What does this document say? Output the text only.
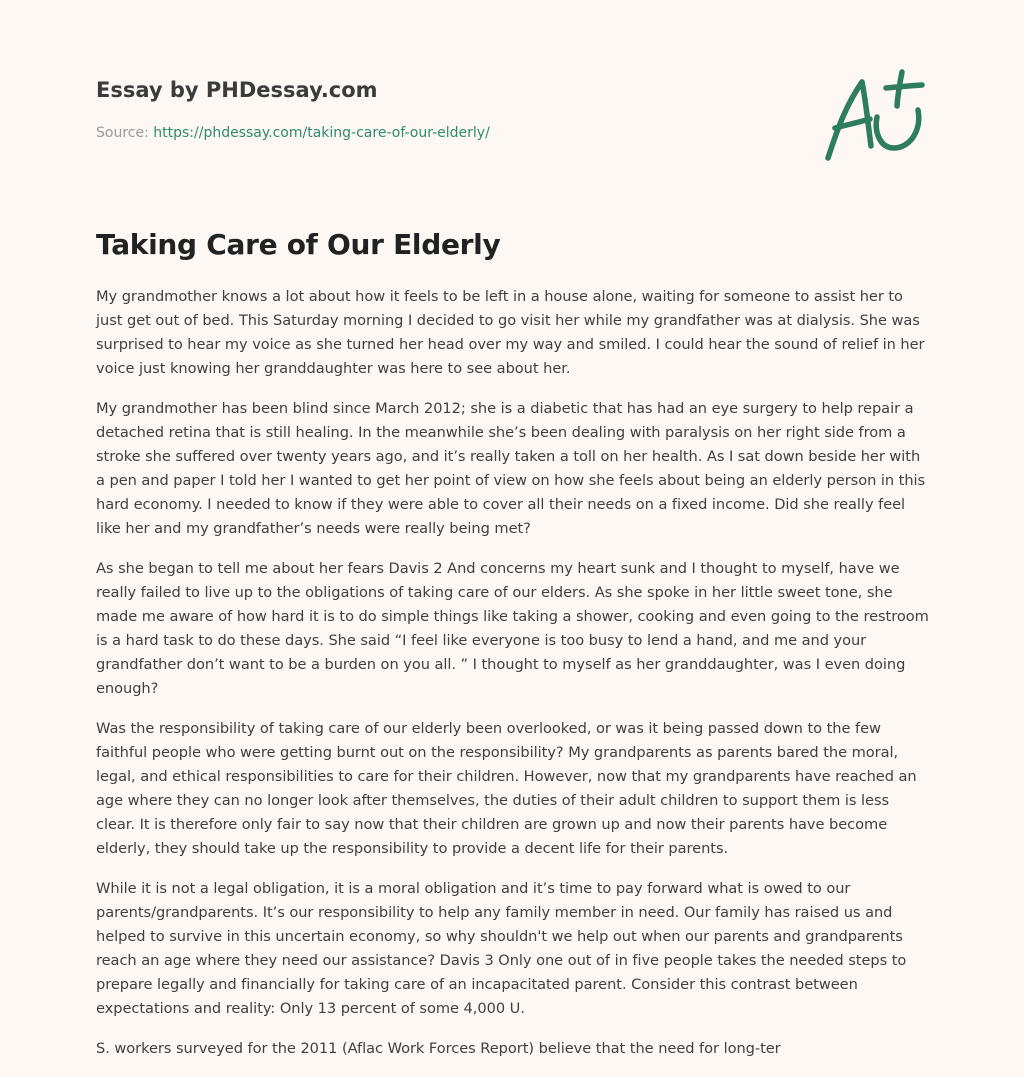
Essay by PHDessay.com
Source: https://phdessay.com/taking-care-of-our-elderly/
Taking Care of Our Elderly

My grandmother knows a lot about how it feels to be left in a house alone, waiting for someone to assist her to just get out of bed. This Saturday morning I decided to go visit her while my grandfather was at dialysis. She was surprised to hear my voice as she turned her head over my way and smiled. I could hear the sound of relief in her voice just knowing her granddaughter was here to see about her.

My grandmother has been blind since March 2012; she is a diabetic that has had an eye surgery to help repair a detached retina that is still healing. In the meanwhile she’s been dealing with paralysis on her right side from a stroke she suffered over twenty years ago, and it’s really taken a toll on her health. As I sat down beside her with a pen and paper I told her I wanted to get her point of view on how she feels about being an elderly person in this hard economy. I needed to know if they were able to cover all their needs on a fixed income. Did she really feel like her and my grandfather’s needs were really being met?

As she began to tell me about her fears Davis 2 And concerns my heart sunk and I thought to myself, have we really failed to live up to the obligations of taking care of our elders. As she spoke in her little sweet tone, she made me aware of how hard it is to do simple things like taking a shower, cooking and even going to the restroom is a hard task to do these days. She said “I feel like everyone is too busy to lend a hand, and me and your grandfather don’t want to be a burden on you all. ” I thought to myself as her granddaughter, was I even doing enough?

Was the responsibility of taking care of our elderly been overlooked, or was it being passed down to the few faithful people who were getting burnt out on the responsibility? My grandparents as parents bared the moral, legal, and ethical responsibilities to care for their children. However, now that my grandparents have reached an age where they can no longer look after themselves, the duties of their adult children to support them is less clear. It is therefore only fair to say now that their children are grown up and now their parents have become elderly, they should take up the responsibility to provide a decent life for their parents.

While it is not a legal obligation, it is a moral obligation and it’s time to pay forward what is owed to our parents/grandparents. It’s our responsibility to help any family member in need. Our family has raised us and helped to survive in this uncertain economy, so why shouldn't we help out when our parents and grandparents reach an age where they need our assistance? Davis 3 Only one out of in five people takes the needed steps to prepare legally and financially for taking care of an incapacitated parent. Consider this contrast between expectations and reality: Only 13 percent of some 4,000 U.

S. workers surveyed for the 2011 (Aflac Work Forces Report) believe that the need for long-ter
